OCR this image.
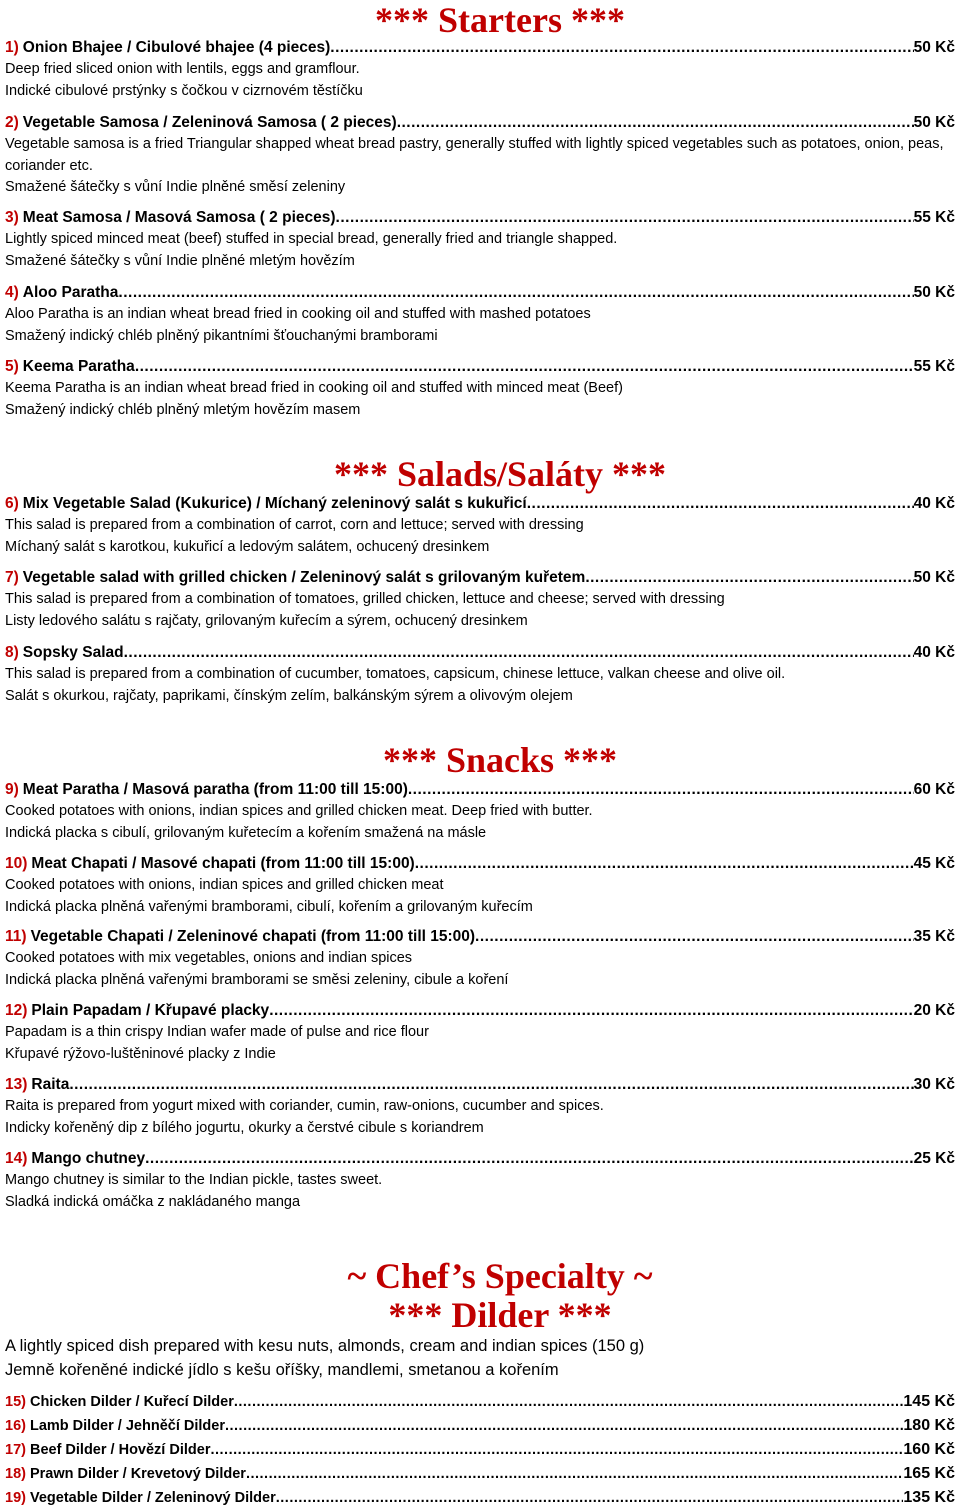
*** Starters ***
*** Salads/Saláty ***
*** Snacks ***
~ Chef’s Specialty ~
*** Dilder ***
1) Onion Bhajee / Cibulové bhajee (4 pieces) .....	50 Kč
Deep fried sliced onion with lentils, eggs and gramflour.
Indické cibulové prstýnky s čočkou v cizrnovém těstíčku
2) Vegetable Samosa / Zeleninová Samosa ( 2 pieces) .....	50 Kč
Vegetable samosa is a fried Triangular shapped wheat bread pastry, generally stuffed with lightly spiced vegetables such as potatoes, onion, peas, coriander etc.
Smažené šátečky s vůní Indie plněné směsí zeleniny
3) Meat Samosa / Masová Samosa ( 2 pieces) .....	55 Kč
Lightly spiced minced meat (beef) stuffed in special bread, generally fried and triangle shapped.
Smažené šátečky s vůní Indie plněné mletým hovězím
4) Aloo Paratha .....	50 Kč
Aloo Paratha is an indian wheat bread fried in cooking oil and stuffed with mashed potatoes
Smažený indický chléb plněný pikantními šťouchanými bramborami
5) Keema Paratha .....	55 Kč
Keema Paratha is an indian wheat bread fried in cooking oil and stuffed with minced meat (Beef)
Smažený indický chléb plněný mletým hovězím masem
6) Mix Vegetable Salad (Kukurice) / Míchaný zeleninový salát s kukuřicí .....	40 Kč
This salad is prepared from a combination of carrot, corn and lettuce; served with dressing
Míchaný salát s karotkou, kukuřicí a ledovým salátem, ochucený dresinkem
7) Vegetable salad with grilled chicken / Zeleninový salát s grilovaným kuřetem .....	50 Kč
This salad is prepared from a combination of tomatoes, grilled chicken, lettuce and cheese; served with dressing
Listy ledového salátu s rajčaty, grilovaným kuřecím a sýrem, ochucený dresinkem
8) Sopsky Salad .....	40 Kč
This salad is prepared from a combination of cucumber, tomatoes, capsicum, chinese lettuce, valkan cheese and olive oil.
Salát s okurkou, rajčaty, paprikami, čínským zelím, balkánským sýrem a olivovým olejem
9) Meat Paratha / Masová paratha (from 11:00 till 15:00) .....	60 Kč
Cooked potatoes with onions, indian spices and grilled chicken meat. Deep fried with butter.
Indická placka s cibulí, grilovaným kuřetecím a kořením smažená na másle
10) Meat Chapati / Masové chapati (from 11:00 till 15:00) .....	45 Kč
Cooked potatoes with onions, indian spices and grilled chicken meat
Indická placka plněná vařenými bramborami, cibulí, kořením a grilovaným kuřecím
11) Vegetable Chapati / Zeleninové chapati (from 11:00 till 15:00) .....	35 Kč
Cooked potatoes with mix vegetables, onions and indian spices
Indická placka plněná vařenými bramborami se směsi zeleniny, cibule a koření
12) Plain Papadam / Křupavé placky .....	20 Kč
Papadam is a thin crispy Indian wafer made of pulse and rice flour
Křupavé rýžovo-luštěninové placky z Indie
13) Raita .....	30 Kč
Raita is prepared from yogurt mixed with coriander, cumin, raw-onions, cucumber and spices.
Indicky kořeněný dip z bílého jogurtu, okurky a čerstvé cibule s koriandrem
14) Mango chutney .....	25 Kč
Mango chutney is similar to the Indian pickle, tastes sweet.
Sladká indická omáčka z nakládaného manga
A lightly spiced dish prepared with kesu nuts, almonds, cream and indian spices (150 g)
Jemně kořeněné indické jídlo s kešu oříšky, mandlemi, smetanou a kořením
15) Chicken Dilder / Kuřecí Dilder .....	145 Kč
16) Lamb Dilder / Jehněčí Dilder .....	180 Kč
17) Beef Dilder / Hovězí Dilder .....	160 Kč
18) Prawn Dilder / Krevetový Dilder .....	165 Kč
19) Vegetable Dilder / Zeleninový Dilder .....	135 Kč
